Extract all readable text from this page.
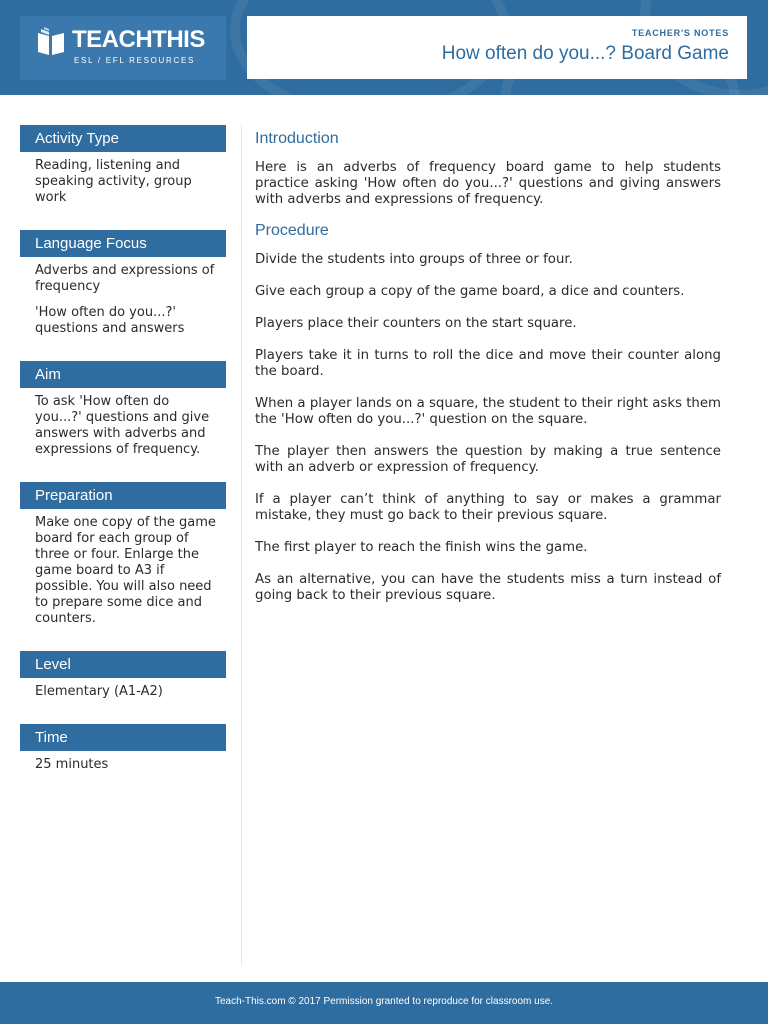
TEACHTHIS
ESL / EFL RESOURCES
TEACHER'S NOTES
How often do you...? Board Game
Activity Type

Reading, listening and speaking activity, group work

Language Focus

Adverbs and expressions of frequency

'How often do you...?' questions and answers

Aim

To ask 'How often do you...?' questions and give answers with adverbs and expressions of frequency.

Preparation

Make one copy of the game board for each group of three or four. Enlarge the game board to A3 if possible. You will also need to prepare some dice and counters.

Level

Elementary (A1-A2)

Time

25 minutes

Introduction

Here is an adverbs of frequency board game to help students practice asking 'How often do you...?' questions and giving answers with adverbs and expressions of frequency.

Procedure

Divide the students into groups of three or four.

Give each group a copy of the game board, a dice and counters.

Players place their counters on the start square.

Players take it in turns to roll the dice and move their counter along the board.

When a player lands on a square, the student to their right asks them the 'How often do you...?' question on the square.

The player then answers the question by making a true sentence with an adverb or expression of frequency.

If a player can’t think of anything to say or makes a grammar mistake, they must go back to their previous square.

The first player to reach the finish wins the game.

As an alternative, you can have the students miss a turn instead of going back to their previous square.

Teach-This.com © 2017 Permission granted to reproduce for classroom use.
